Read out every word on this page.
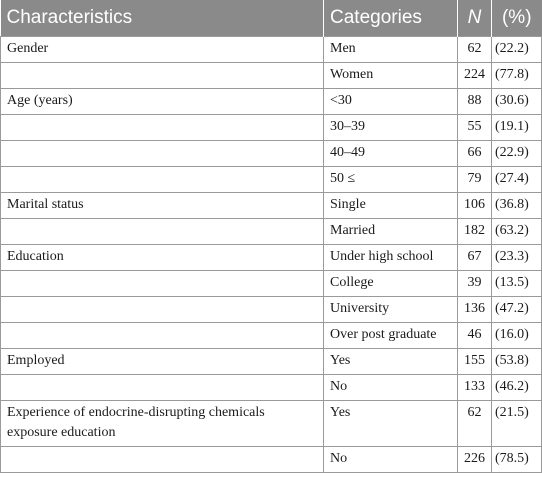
Characteristics	Categories	N	(%)
Gender	Men	62	(22.2)
	Women	224	(77.8)
Age (years)	<30	88	(30.6)
	30–39	55	(19.1)
	40–49	66	(22.9)
	50 ≤	79	(27.4)
Marital status	Single	106	(36.8)
	Married	182	(63.2)
Education	Under high school	67	(23.3)
	College	39	(13.5)
	University	136	(47.2)
	Over post graduate	46	(16.0)
Employed	Yes	155	(53.8)
	No	133	(46.2)
Experience of endocrine-disrupting chemicals exposure education	Yes	62	(21.5)
	No	226	(78.5)
